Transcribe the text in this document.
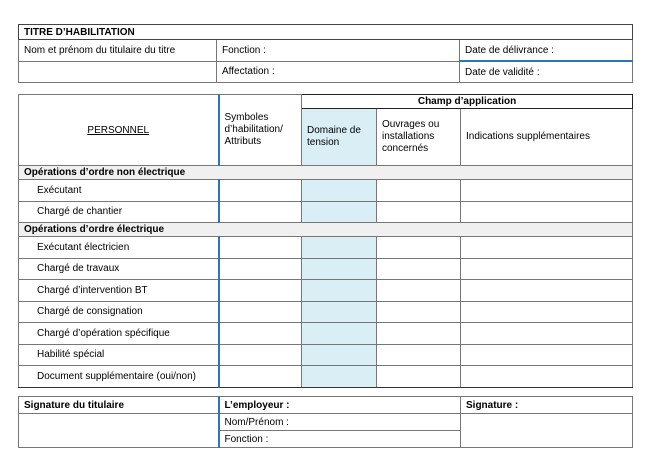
TITRE D’HABILITATION		
Nom et prénom du titulaire du titre	Fonction :	Date de délivrance :
	Affectation :	Date de validité :
PERSONNEL	Symboles d’habilitation/ Attributs	Champ d’application		
		Domaine de tension	Ouvrages ou installations concernés	Indications supplémentaires
Opérations d’ordre non électrique				
Exécutant				
Chargé de chantier				
Opérations d’ordre électrique				
Exécutant électricien				
Chargé de travaux				
Chargé d’intervention BT				
Chargé de consignation				
Chargé d’opération spécifique				
Habilité spécial				
Document supplémentaire (oui/non)				
Signature du titulaire	L’employeur :	Signature :
	Nom/Prénom :	
	Fonction :	
